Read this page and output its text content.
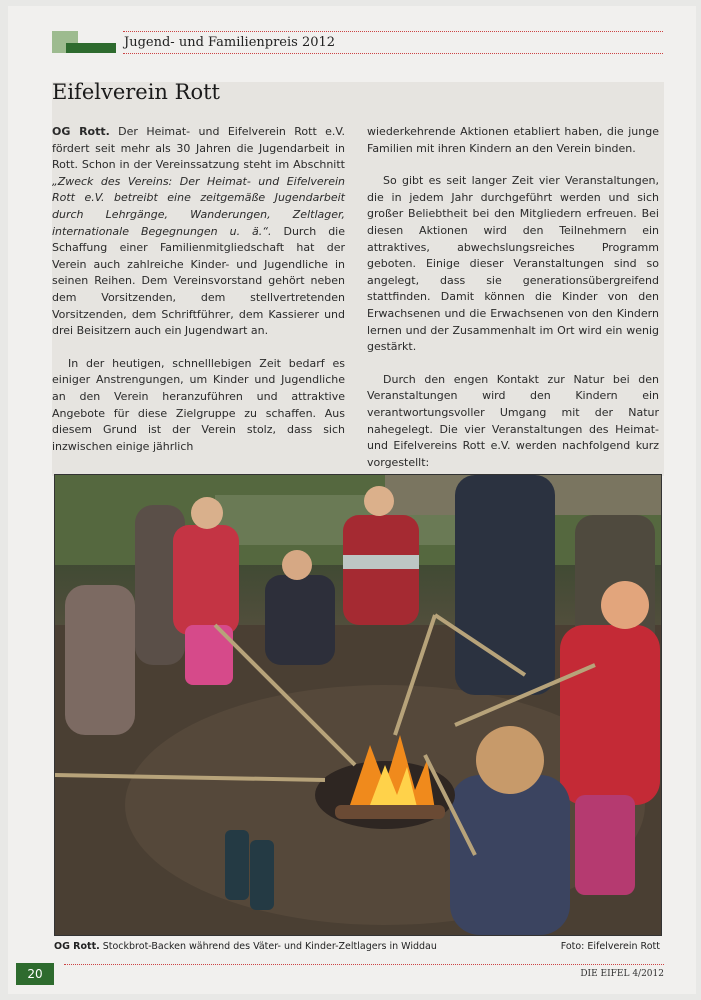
Jugend- und Familienpreis 2012
Eifelverein Rott

OG Rott. Der Heimat- und Eifelverein Rott e.V. fördert seit mehr als 30 Jahren die Jugendarbeit in Rott. Schon in der Vereinssatzung steht im Abschnitt „Zweck des Vereins: Der Heimat- und Eifelverein Rott e.V. betreibt eine zeitgemäße Jugendarbeit durch Lehrgänge, Wanderungen, Zeltlager, internationale Begegnungen u. ä.“. Durch die Schaffung einer Familienmitgliedschaft hat der Verein auch zahlreiche Kinder- und Jugendliche in seinen Reihen. Dem Vereinsvorstand gehört neben dem Vorsitzenden, dem stellvertretenden Vorsitzenden, dem Schriftführer, dem Kassierer und drei Beisitzern auch ein Jugendwart an.

In der heutigen, schnelllebigen Zeit bedarf es einiger Anstrengungen, um Kinder und Jugendliche an den Verein heranzuführen und attraktive Angebote für diese Zielgruppe zu schaffen. Aus diesem Grund ist der Verein stolz, dass sich inzwischen einige jährlich

wiederkehrende Aktionen etabliert haben, die junge Familien mit ihren Kindern an den Verein binden.

So gibt es seit langer Zeit vier Veranstaltungen, die in jedem Jahr durchgeführt werden und sich großer Beliebtheit bei den Mitgliedern erfreuen. Bei diesen Aktionen wird den Teilnehmern ein attraktives, abwechslungsreiches Programm geboten. Einige dieser Veranstaltungen sind so angelegt, dass sie generationsübergreifend stattfinden. Damit können die Kinder von den Erwachsenen und die Erwachsenen von den Kindern lernen und der Zusammenhalt im Ort wird ein wenig gestärkt.

Durch den engen Kontakt zur Natur bei den Veranstaltungen wird den Kindern ein verantwortungsvoller Umgang mit der Natur nahegelegt. Die vier Veranstaltungen des Heimat- und Eifelvereins Rott e.V. werden nachfolgend kurz vorgestellt:

OG Rott. Stockbrot-Backen während des Väter- und Kinder-Zeltlagers in Widdau	Foto: Eifelverein Rott
20	DIE EIFEL 4/2012
